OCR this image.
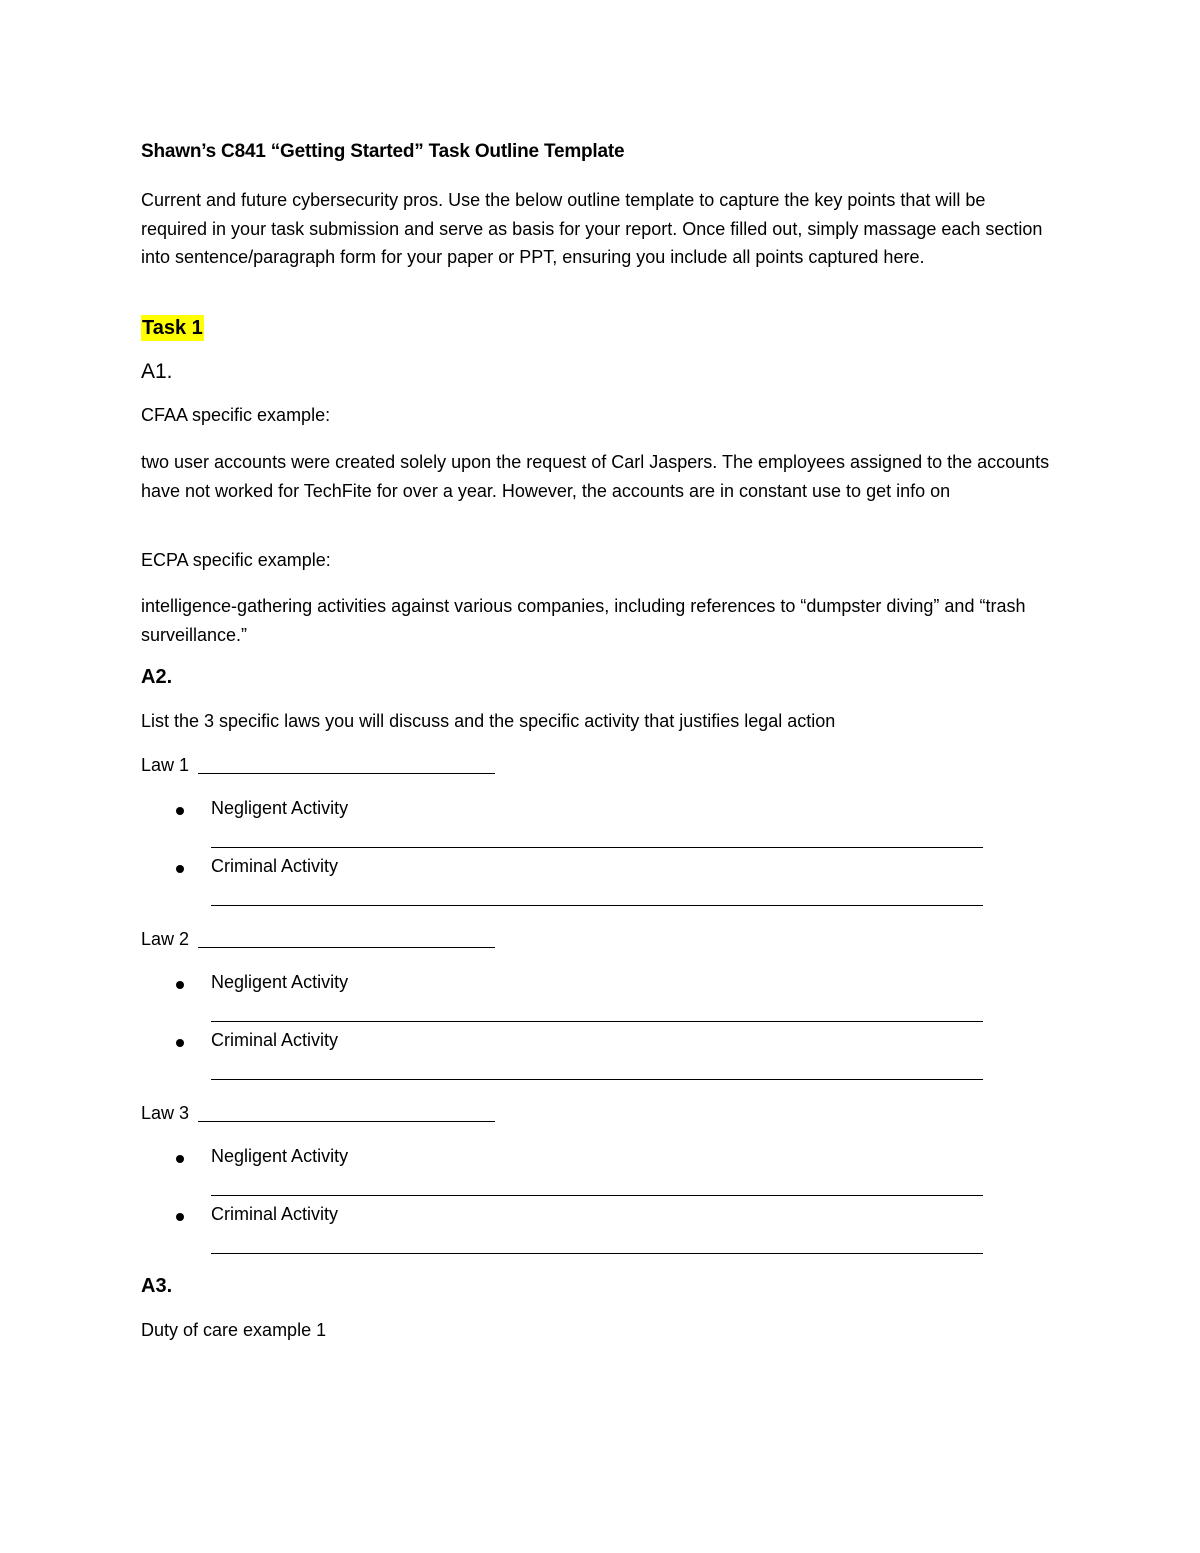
Shawn’s C841 “Getting Started” Task Outline Template
Current and future cybersecurity pros. Use the below outline template to capture the key points that will be required in your task submission and serve as basis for your report. Once filled out, simply massage each section into sentence/paragraph form for your paper or PPT, ensuring you include all points captured here.
Task 1
A1.
CFAA specific example:
two user accounts were created solely upon the request of Carl Jaspers. The employees assigned to the accounts have not worked for TechFite for over a year. However, the accounts are in constant use to get info on
ECPA specific example:
intelligence-gathering activities against various companies, including references to “dumpster diving” and “trash surveillance.”
A2.
List the 3 specific laws you will discuss and the specific activity that justifies legal action
Law 1
Negligent Activity
Criminal Activity
Law 2
Negligent Activity
Criminal Activity
Law 3
Negligent Activity
Criminal Activity
A3.
Duty of care example 1
